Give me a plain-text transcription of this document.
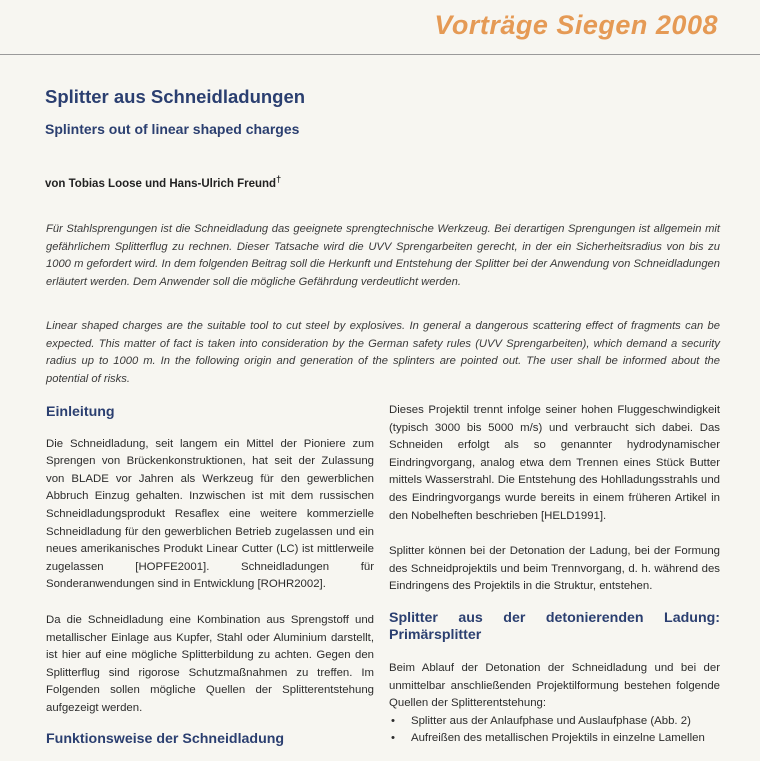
Vorträge Siegen 2008
Splitter aus Schneidladungen
Splinters out of linear shaped charges
von Tobias Loose und Hans-Ulrich Freund†

Für Stahlsprengungen ist die Schneidladung das geeignete sprengtechnische Werkzeug. Bei derartigen Sprengungen ist allgemein mit gefährlichem Splitterflug zu rechnen. Dieser Tatsache wird die UVV Sprengarbeiten gerecht, in der ein Sicherheitsradius von bis zu 1000 m gefordert wird. In dem folgenden Beitrag soll die Herkunft und Entstehung der Splitter bei der Anwendung von Schneidladungen erläutert werden. Dem Anwender soll die mögliche Gefährdung verdeutlicht werden.

Linear shaped charges are the suitable tool to cut steel by explosives. In general a dangerous scattering effect of fragments can be expected. This matter of fact is taken into consideration by the German safety rules (UVV Sprengarbeiten), which demand a security radius up to 1000 m. In the following origin and generation of the splinters are pointed out. The user shall be informed about the potential of risks.

Einleitung

Die Schneidladung, seit langem ein Mittel der Pioniere zum Sprengen von Brückenkonstruktionen, hat seit der Zulassung von BLADE vor Jahren als Werkzeug für den gewerblichen Abbruch Einzug gehalten. Inzwischen ist mit dem russischen Schneidladungsprodukt Resaflex eine weitere kommerzielle Schneidladung für den gewerblichen Betrieb zugelassen und ein neues amerikanisches Produkt Linear Cutter (LC) ist mittlerweile zugelassen [HOPFE2001]. Schneidladungen für Sonderanwendungen sind in Entwicklung [ROHR2002].

Da die Schneidladung eine Kombination aus Sprengstoff und metallischer Einlage aus Kupfer, Stahl oder Aluminium darstellt, ist hier auf eine mögliche Splitterbildung zu achten. Gegen den Splitterflug sind rigorose Schutzmaßnahmen zu treffen. Im Folgenden sollen mögliche Quellen der Splitterentstehung aufgezeigt werden.

Funktionsweise der Schneidladung

Dieses Projektil trennt infolge seiner hohen Fluggeschwindigkeit (typisch 3000 bis 5000 m/s) und verbraucht sich dabei. Das Schneiden erfolgt als so genannter hydrodynamischer Eindringvorgang, analog etwa dem Trennen eines Stück Butter mittels Wasserstrahl. Die Entstehung des Hohlladungsstrahls und des Eindringvorgangs wurde bereits in einem früheren Artikel in den Nobelheften beschrieben [HELD1991].

Splitter können bei der Detonation der Ladung, bei der Formung des Schneidprojektils und beim Trennvorgang, d. h. während des Eindringens des Projektils in die Struktur, entstehen.

Splitter aus der detonierenden Ladung:
Primärsplitter

Beim Ablauf der Detonation der Schneidladung und bei der unmittelbar anschließenden Projektilformung bestehen folgende Quellen der Splitterentstehung:

• Splitter aus der Anlaufphase und Auslaufphase (Abb. 2)
• Aufreißen des metallischen Projektils in einzelne Lamellen
